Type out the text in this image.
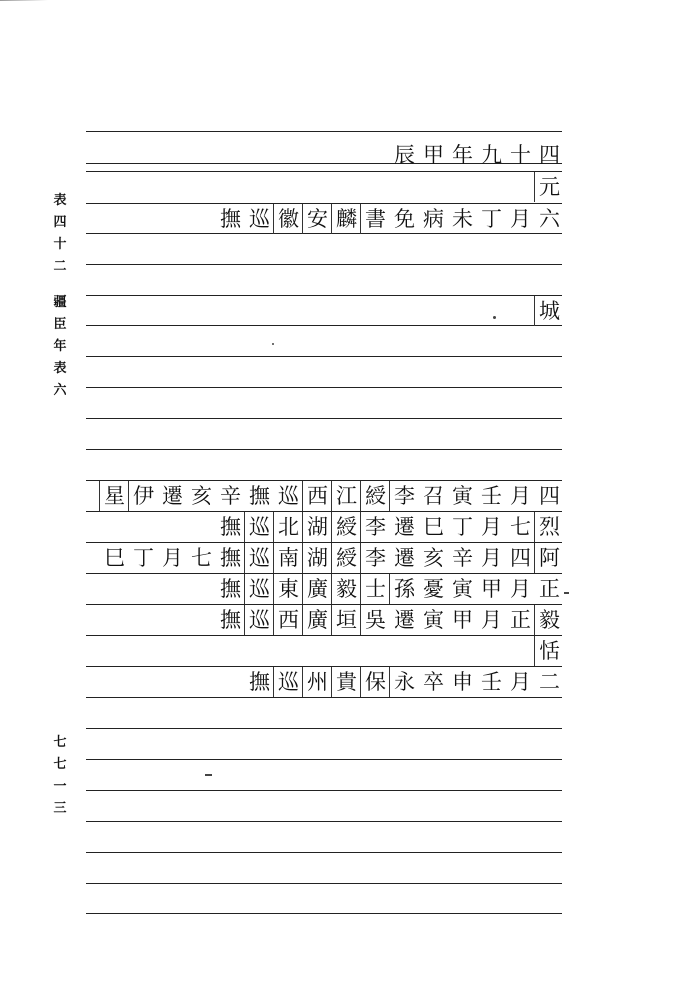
表
四
十
二
疆
臣
年
表
六
七
七
一
三
四
十
九
年
甲
辰
元
六
月
丁
未
病
免
書
麟
安
徽
巡
撫
城
四
月
壬
寅
召
李
綬
江
西
巡
撫
辛
亥
遷
伊
星
烈
七
月
丁
巳
遷
李
綬
湖
北
巡
撫
阿
四
月
辛
亥
遷
李
綬
湖
南
巡
撫
七
月
丁
巳
正
月
甲
寅
憂
孫
士
毅
廣
東
巡
撫
毅
正
月
甲
寅
遷
吳
垣
廣
西
巡
撫
恬
二
月
壬
申
卒
永
保
貴
州
巡
撫
